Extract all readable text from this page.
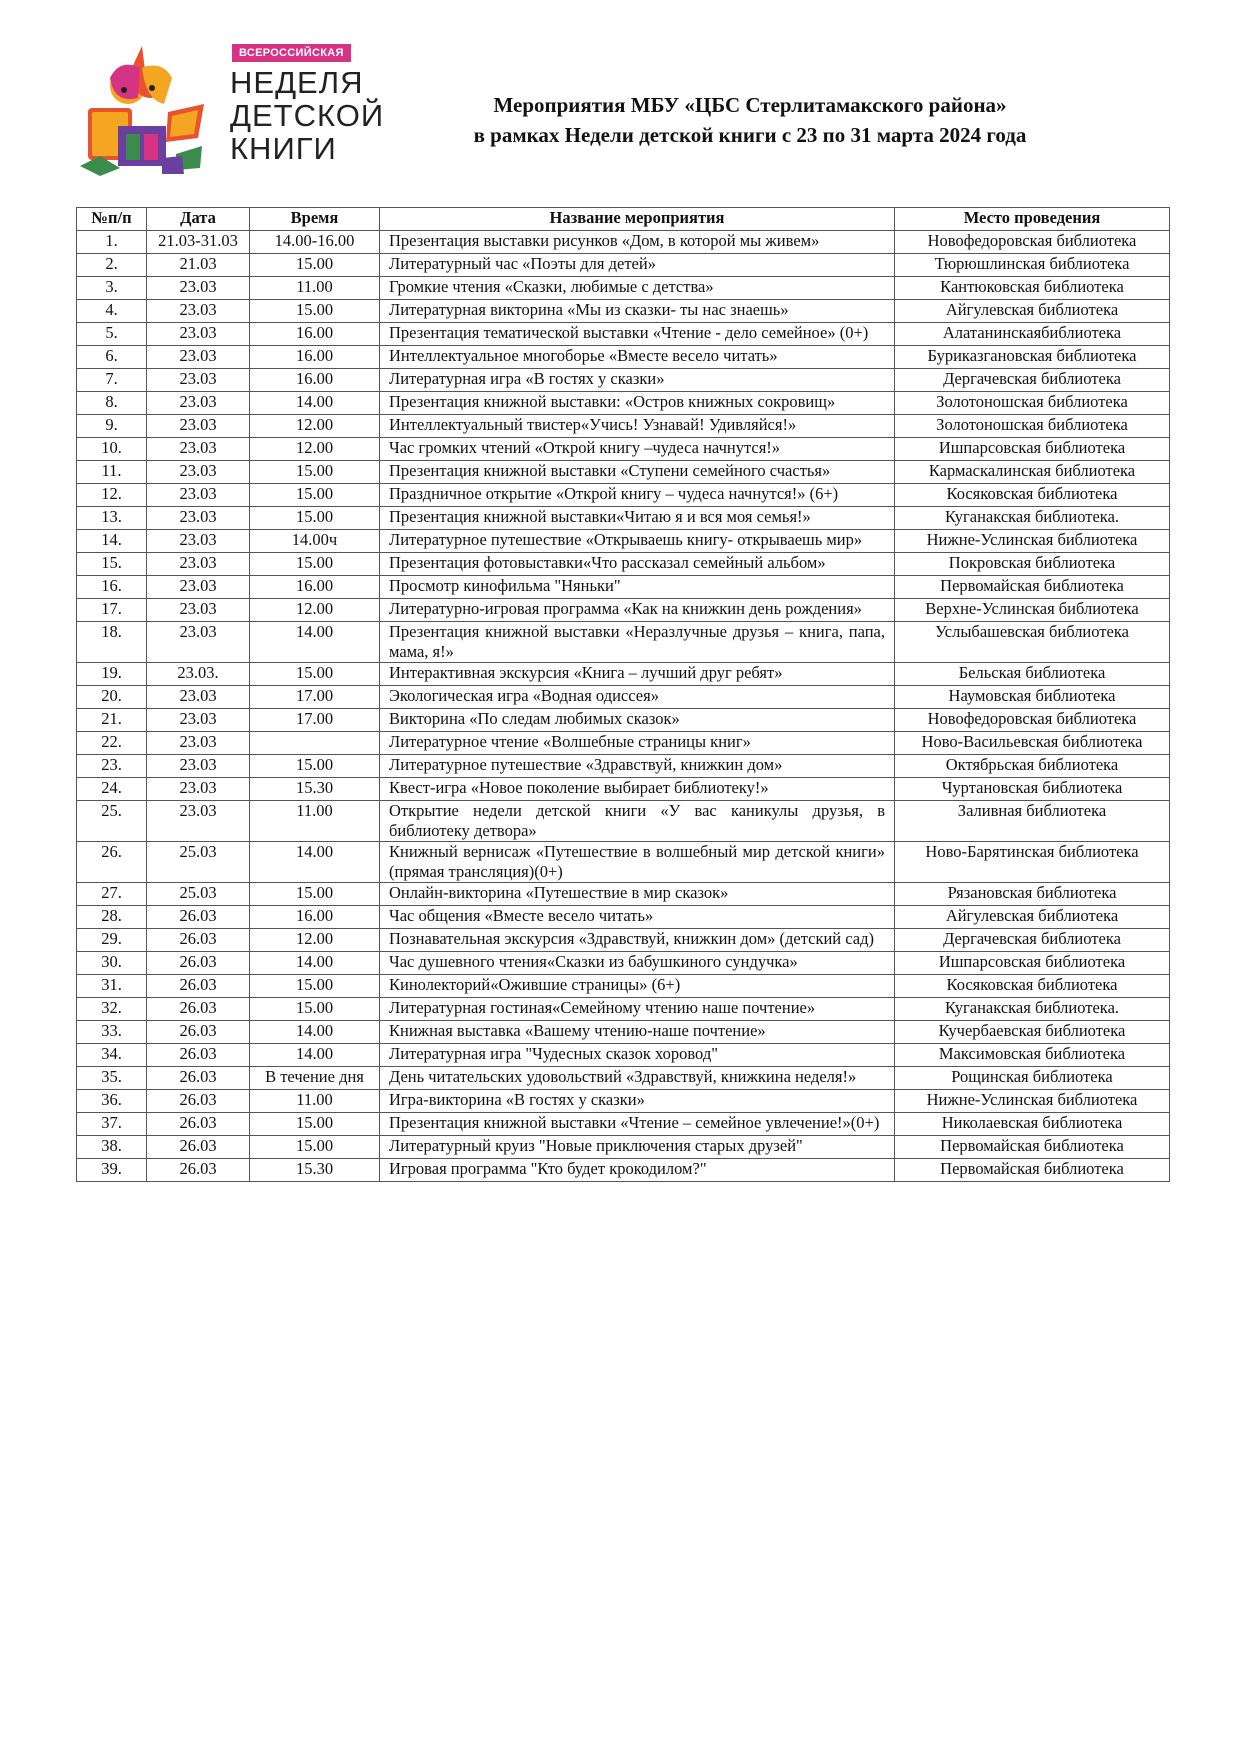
ВСЕРОССИЙСКАЯ
НЕДЕЛЯ
ДЕТСКОЙ
КНИГИ
Мероприятия МБУ «ЦБС Стерлитамакского района»
в рамках Недели детской книги с 23 по 31 марта 2024 года
№п/п	Дата	Время	Название мероприятия	Место проведения
1.	21.03-31.03	14.00-16.00	Презентация выставки рисунков «Дом, в которой мы живем»	Новофедоровская библиотека
2.	21.03	15.00	Литературный час «Поэты для детей»	Тюрюшлинская библиотека
3.	23.03	11.00	Громкие чтения «Сказки, любимые с детства»	Кантюковская библиотека
4.	23.03	15.00	Литературная викторина «Мы из сказки- ты нас знаешь»	Айгулевская библиотека
5.	23.03	16.00	Презентация тематической выставки «Чтение - дело семейное» (0+)	Алатанинскаябиблиотека
6.	23.03	16.00	Интеллектуальное многоборье «Вместе весело читать»	Буриказгановская библиотека
7.	23.03	16.00	Литературная игра «В гостях у сказки»	Дергачевская библиотека
8.	23.03	14.00	Презентация книжной выставки: «Остров книжных сокровищ»	Золотоношская библиотека
9.	23.03	12.00	Интеллектуальный твистер«Учись! Узнавай! Удивляйся!»	Золотоношская библиотека
10.	23.03	12.00	Час громких чтений «Открой книгу –чудеса начнутся!»	Ишпарсовская библиотека
11.	23.03	15.00	Презентация книжной выставки «Ступени семейного счастья»	Кармаскалинская библиотека
12.	23.03	15.00	Праздничное открытие «Открой книгу – чудеса начнутся!» (6+)	Косяковская библиотека
13.	23.03	15.00	Презентация книжной выставки«Читаю я и вся моя семья!»	Куганакская библиотека.
14.	23.03	14.00ч	Литературное путешествие «Открываешь книгу- открываешь мир»	Нижне-Услинская библиотека
15.	23.03	15.00	Презентация фотовыставки«Что рассказал семейный альбом»	Покровская библиотека
16.	23.03	16.00	Просмотр кинофильма "Няньки"	Первомайская библиотека
17.	23.03	12.00	Литературно-игровая программа «Как на книжкин день рождения»	Верхне-Услинская библиотека
18.	23.03	14.00	Презентация книжной выставки «Неразлучные друзья – книга, папа, мама, я!»	Услыбашевская библиотека
19.	23.03.	15.00	Интерактивная экскурсия «Книга – лучший друг ребят»	Бельская библиотека
20.	23.03	17.00	Экологическая игра «Водная одиссея»	Наумовская библиотека
21.	23.03	17.00	Викторина «По следам любимых сказок»	Новофедоровская библиотека
22.	23.03		Литературное чтение «Волшебные страницы книг»	Ново-Васильевская библиотека
23.	23.03	15.00	Литературное путешествие «Здравствуй, книжкин дом»	Октябрьская библиотека
24.	23.03	15.30	Квест-игра «Новое поколение выбирает библиотеку!»	Чуртановская библиотека
25.	23.03	11.00	Открытие недели детской книги «У вас каникулы друзья, в библиотеку детвора»	Заливная библиотека
26.	25.03	14.00	Книжный вернисаж «Путешествие в волшебный мир детской книги» (прямая трансляция)(0+)	Ново-Барятинская библиотека
27.	25.03	15.00	Онлайн-викторина «Путешествие в мир сказок»	Рязановская библиотека
28.	26.03	16.00	Час общения «Вместе весело читать»	Айгулевская библиотека
29.	26.03	12.00	Познавательная экскурсия «Здравствуй, книжкин дом» (детский сад)	Дергачевская библиотека
30.	26.03	14.00	Час душевного чтения«Сказки из бабушкиного сундучка»	Ишпарсовская библиотека
31.	26.03	15.00	Кинолекторий«Ожившие страницы» (6+)	Косяковская библиотека
32.	26.03	15.00	Литературная гостиная«Семейному чтению наше почтение»	Куганакская библиотека.
33.	26.03	14.00	Книжная выставка «Вашему чтению-наше почтение»	Кучербаевская библиотека
34.	26.03	14.00	Литературная игра "Чудесных сказок хоровод"	Максимовская библиотека
35.	26.03	В течение дня	День читательских удовольствий «Здравствуй, книжкина неделя!»	Рощинская библиотека
36.	26.03	11.00	Игра-викторина «В гостях у сказки»	Нижне-Услинская библиотека
37.	26.03	15.00	Презентация книжной выставки «Чтение – семейное увлечение!»(0+)	Николаевская библиотека
38.	26.03	15.00	Литературный круиз "Новые приключения старых друзей"	Первомайская библиотека
39.	26.03	15.30	Игровая программа "Кто будет крокодилом?"	Первомайская библиотека
